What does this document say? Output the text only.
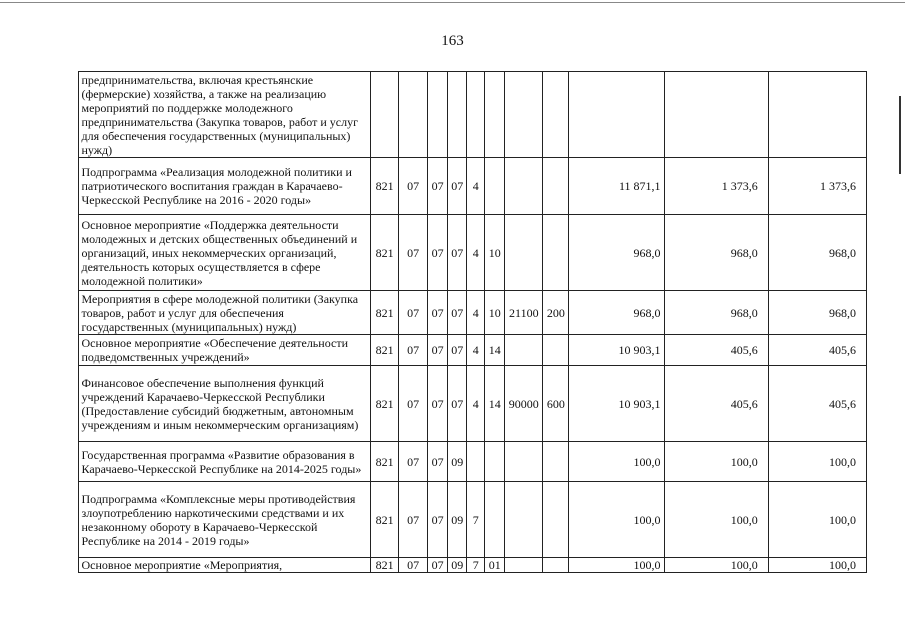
163
	предпринимательства, включая крестьянские (фермерские) хозяйства, а также на реализацию мероприятий по поддержке молодежного предпринимательства (Закупка товаров, работ и услуг для обеспечения государственных (муниципальных) нужд)											
	Подпрограмма «Реализация молодежной политики и патриотического воспитания граждан в Карачаево-Черкесской Республике на 2016 - 2020 годы»	821	07	07	07	4				11 871,1	1 373,6	1 373,6
	Основное мероприятие «Поддержка деятельности молодежных и детских общественных объединений и организаций, иных некоммерческих организаций, деятельность которых осуществляется в сфере молодежной политики»	821	07	07	07	4	10			968,0	968,0	968,0
	Мероприятия в сфере молодежной политики (Закупка товаров, работ и услуг для обеспечения государственных (муниципальных) нужд)	821	07	07	07	4	10	21100	200	968,0	968,0	968,0
	Основное мероприятие «Обеспечение деятельности подведомственных учреждений»	821	07	07	07	4	14			10 903,1	405,6	405,6
	Финансовое обеспечение выполнения функций учреждений Карачаево-Черкесской Республики (Предоставление субсидий бюджетным, автономным учреждениям и иным некоммерческим организациям)	821	07	07	07	4	14	90000	600	10 903,1	405,6	405,6
	Государственная программа «Развитие образования в Карачаево-Черкесской Республике на 2014-2025 годы»	821	07	07	09					100,0	100,0	100,0
	Подпрограмма «Комплексные меры противодействия злоупотреблению наркотическими средствами и их незаконному обороту в Карачаево-Черкесской Республике на 2014 - 2019 годы»	821	07	07	09	7				100,0	100,0	100,0
	Основное мероприятие «Мероприятия,	821	07	07	09	7	01			100,0	100,0	100,0
